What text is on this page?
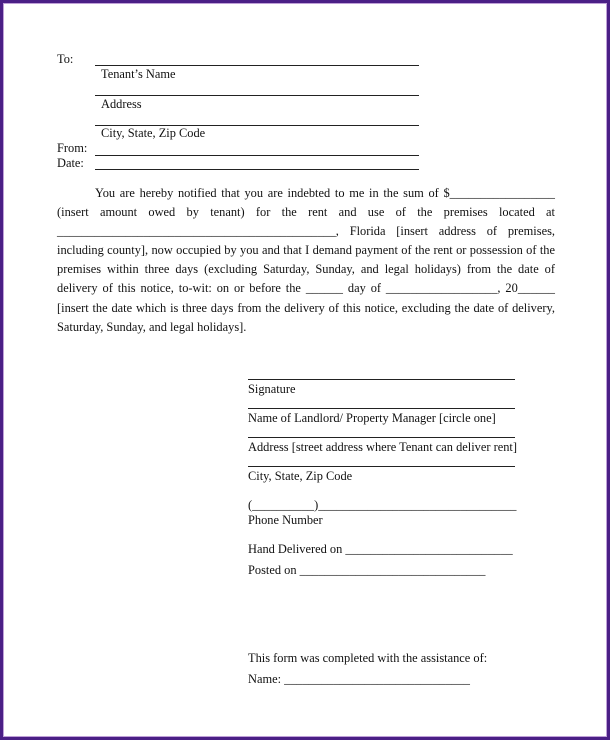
To:
Tenant’s Name
Address
City, State, Zip Code
From:
Date:
You are hereby notified that you are indebted to me in the sum of $_________________ (insert amount owed by tenant) for the rent and use of the premises located at _____________________________________________, Florida [insert address of premises, including county], now occupied by you and that I demand payment of the rent or possession of the premises within three days (excluding Saturday, Sunday, and legal holidays) from the date of delivery of this notice, to-wit: on or before the ______ day of __________________, 20______ [insert the date which is three days from the delivery of this notice, excluding the date of delivery, Saturday, Sunday, and legal holidays].
Signature
Name of Landlord/ Property Manager [circle one]
Address [street address where Tenant can deliver rent]
City, State, Zip Code
(__________)________________________________
Phone Number
Hand Delivered on ___________________________
Posted on ______________________________
This form was completed with the assistance of:
Name: ______________________________
